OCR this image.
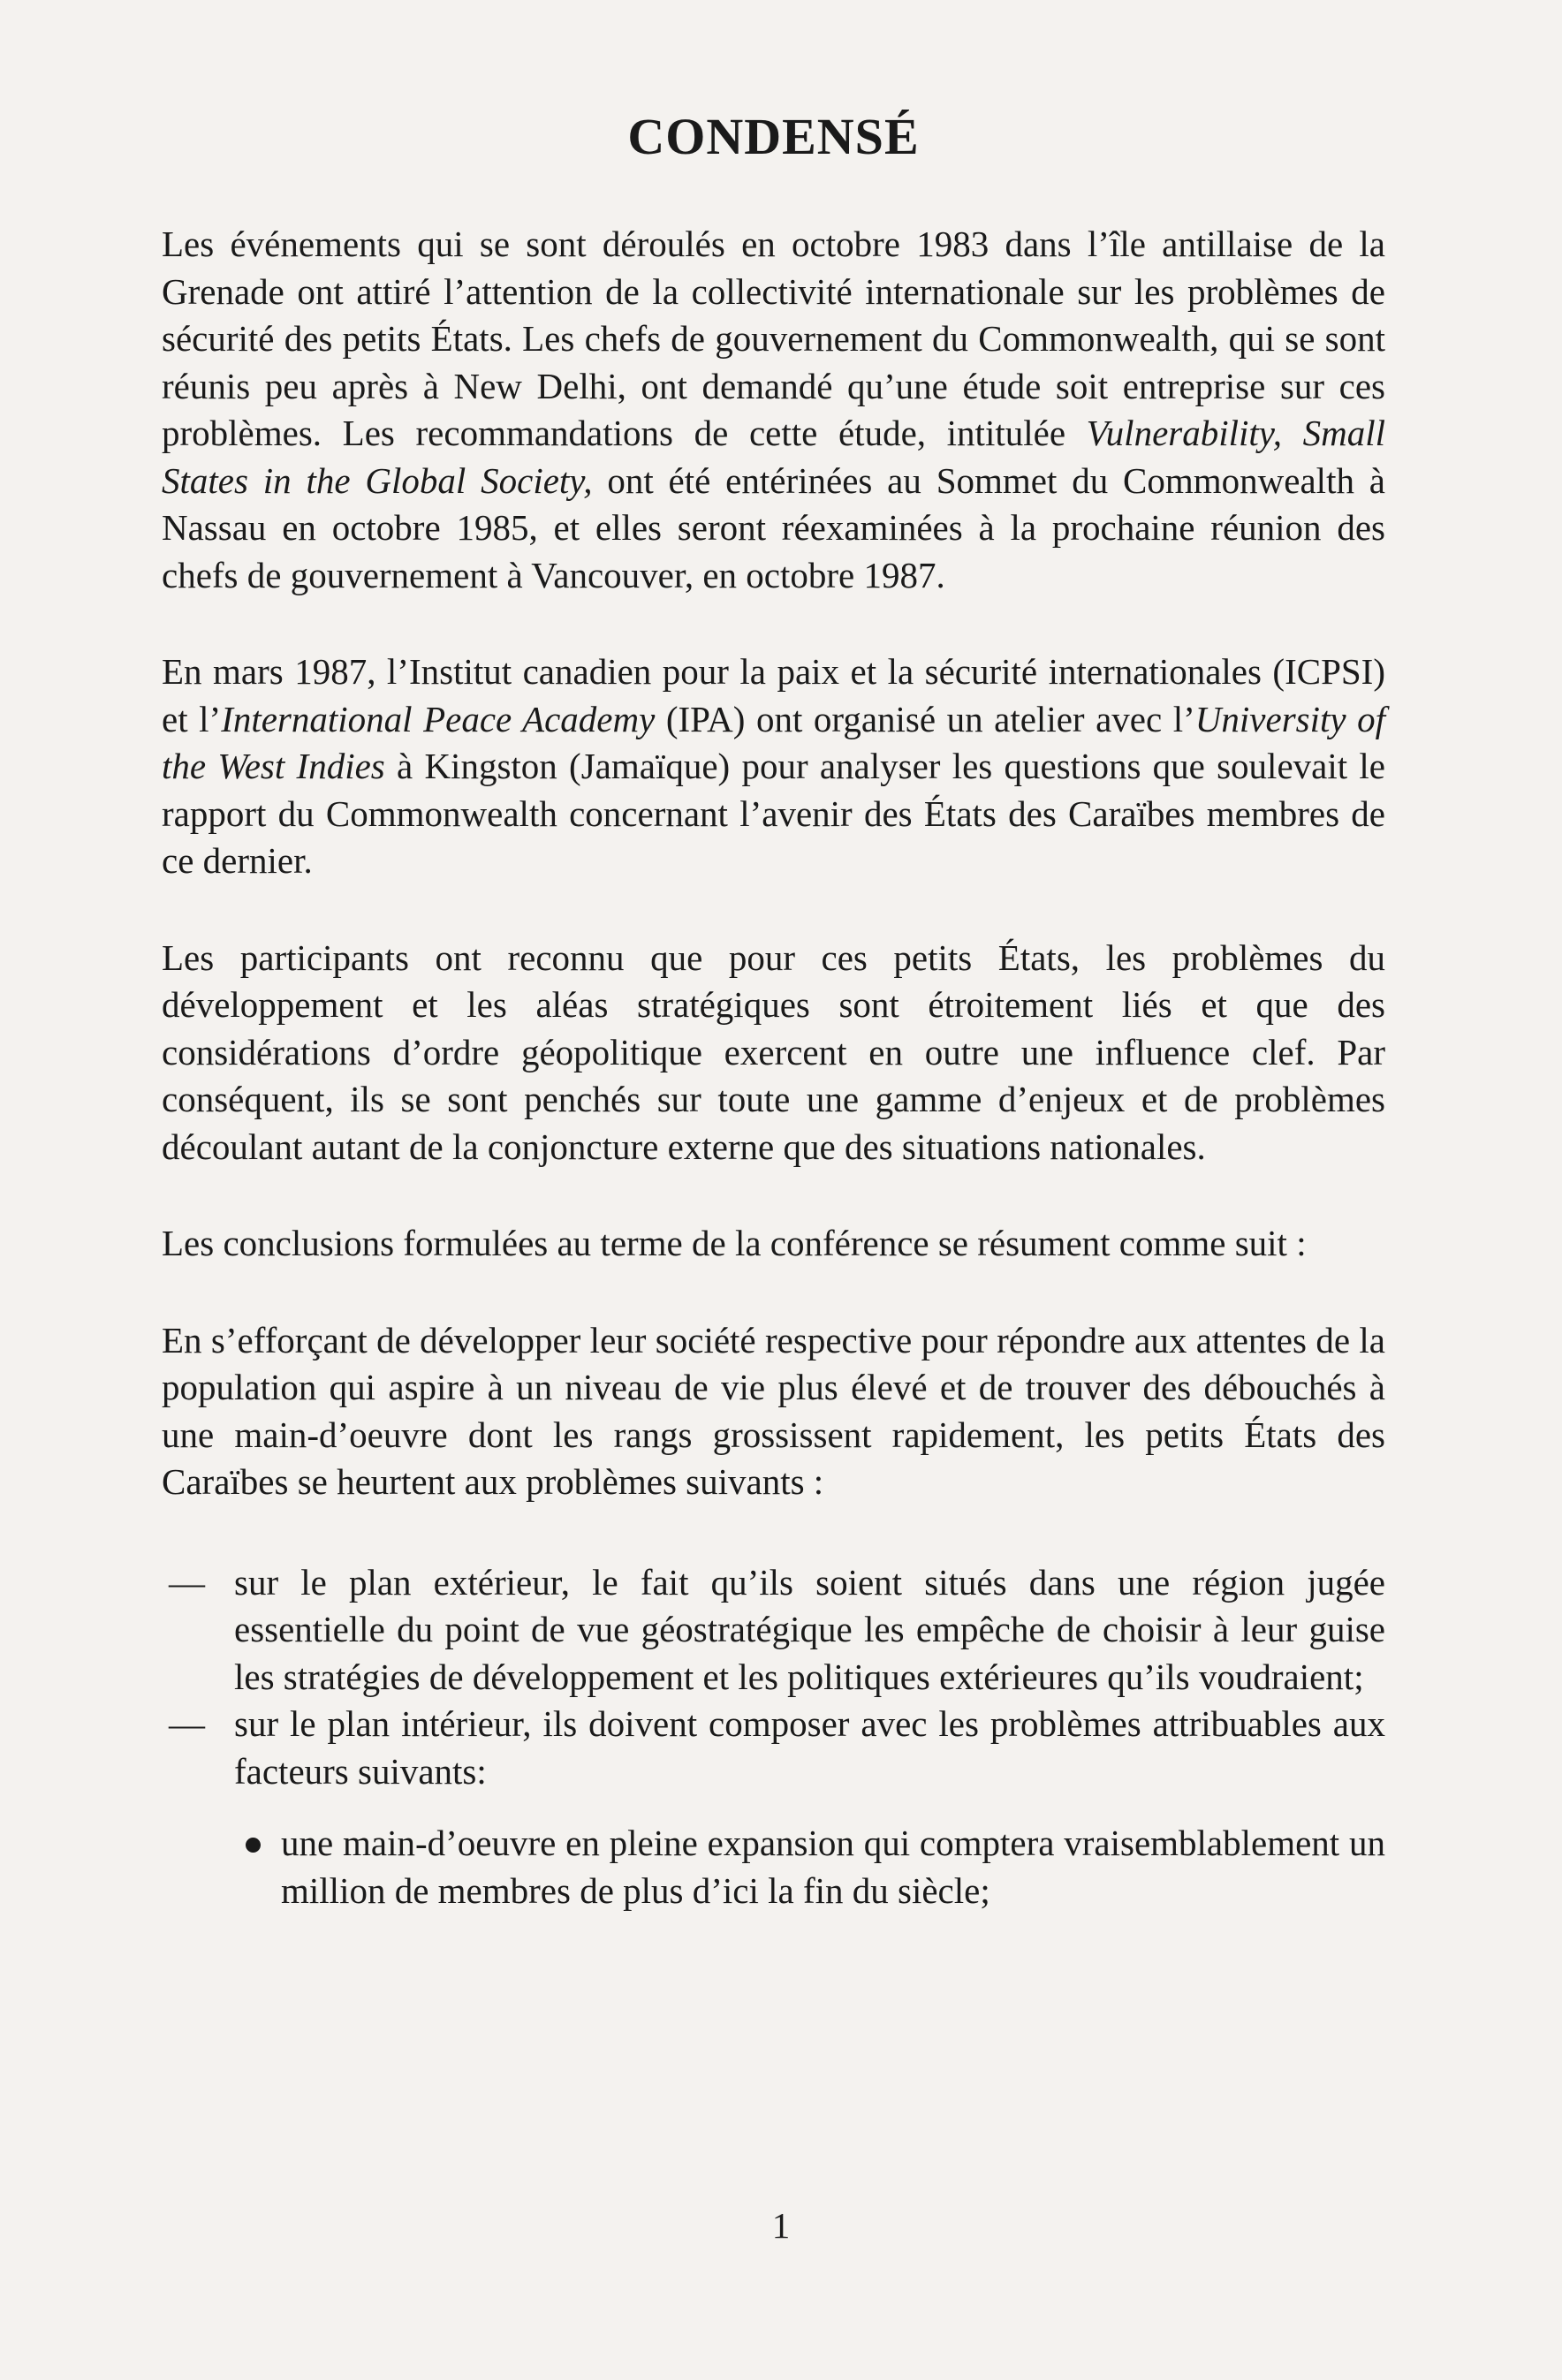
CONDENSÉ

Les événements qui se sont déroulés en octobre 1983 dans l’île antillaise de la Grenade ont attiré l’attention de la collectivité internationale sur les problèmes de sécurité des petits États. Les chefs de gouvernement du Commonwealth, qui se sont réunis peu après à New Delhi, ont demandé qu’une étude soit entreprise sur ces problèmes. Les recommandations de cette étude, intitulée Vulnerability, Small States in the Global Society, ont été entérinées au Sommet du Commonwealth à Nassau en octobre 1985, et elles seront réexaminées à la prochaine réunion des chefs de gouvernement à Vancouver, en octobre 1987.

En mars 1987, l’Institut canadien pour la paix et la sécurité internationales (ICPSI) et l’International Peace Academy (IPA) ont organisé un atelier avec l’University of the West Indies à Kingston (Jamaïque) pour analyser les questions que soulevait le rapport du Commonwealth concernant l’avenir des États des Caraïbes membres de ce dernier.

Les participants ont reconnu que pour ces petits États, les problèmes du développement et les aléas stratégiques sont étroitement liés et que des considérations d’ordre géopolitique exercent en outre une influence clef. Par conséquent, ils se sont penchés sur toute une gamme d’enjeux et de problèmes découlant autant de la conjoncture externe que des situations nationales.

Les conclusions formulées au terme de la conférence se résument comme suit :

En s’efforçant de développer leur société respective pour répondre aux attentes de la population qui aspire à un niveau de vie plus élevé et de trouver des débouchés à une main-d’oeuvre dont les rangs grossissent rapidement, les petits États des Caraïbes se heurtent aux problèmes suivants :

— sur le plan extérieur, le fait qu’ils soient situés dans une région jugée essentielle du point de vue géostratégique les empêche de choisir à leur guise les stratégies de développement et les politiques extérieures qu’ils voudraient;
— sur le plan intérieur, ils doivent composer avec les problèmes attribuables aux facteurs suivants:
une main-d’oeuvre en pleine expansion qui comptera vraisemblablement un million de membres de plus d’ici la fin du siècle;
1
